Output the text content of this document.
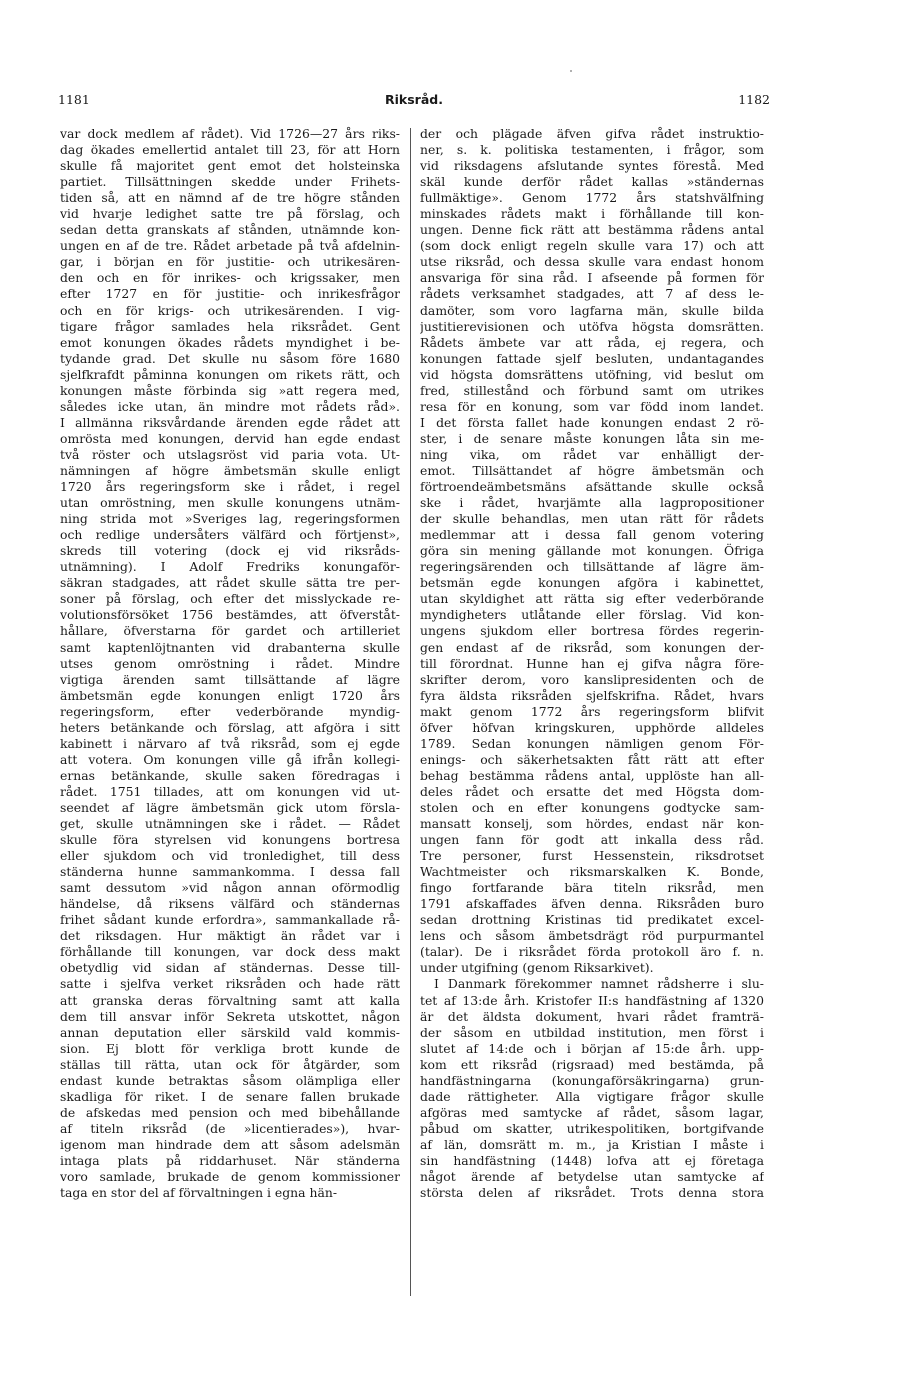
1181	Riksråd.	1182
var dock medlem af rådet). Vid 1726—27 års riks-
dag ökades emellertid antalet till 23, för att Horn
skulle få majoritet gent emot det holsteinska
partiet. Tillsättningen skedde under Frihets-
tiden så, att en nämnd af de tre högre stånden
vid hvarje ledighet satte tre på förslag, och
sedan detta granskats af stånden, utnämnde kon-
ungen en af de tre. Rådet arbetade på två afdelnin-
gar, i början en för justitie- och utrikesären-
den och en för inrikes- och krigssaker, men
efter 1727 en för justitie- och inrikesfrågor
och en för krigs- och utrikesärenden. I vig-
tigare frågor samlades hela riksrådet. Gent
emot konungen ökades rådets myndighet i be-
tydande grad. Det skulle nu såsom före 1680
sjelfkrafdt påminna konungen om rikets rätt, och
konungen måste förbinda sig »att regera med,
således icke utan, än mindre mot rådets råd».
I allmänna riksvårdande ärenden egde rådet att
omrösta med konungen, dervid han egde endast
två röster och utslagsröst vid paria vota. Ut-
nämningen af högre ämbetsmän skulle enligt
1720 års regeringsform ske i rådet, i regel
utan omröstning, men skulle konungens utnäm-
ning strida mot »Sveriges lag, regeringsformen
och redlige undersåters välfärd och förtjenst»,
skreds till votering (dock ej vid riksråds-
utnämning). I Adolf Fredriks konungaför-
säkran stadgades, att rådet skulle sätta tre per-
soner på förslag, och efter det misslyckade re-
volutionsförsöket 1756 bestämdes, att öfverståt-
hållare, öfverstarna för gardet och artilleriet
samt kaptenlöjtnanten vid drabanterna skulle
utses genom omröstning i rådet. Mindre
vigtiga ärenden samt tillsättande af lägre
ämbetsmän egde konungen enligt 1720 års
regeringsform, efter vederbörande myndig-
heters betänkande och förslag, att afgöra i sitt
kabinett i närvaro af två riksråd, som ej egde
att votera. Om konungen ville gå ifrån kollegi-
ernas betänkande, skulle saken föredragas i
rådet. 1751 tillades, att om konungen vid ut-
seendet af lägre ämbetsmän gick utom försla-
get, skulle utnämningen ske i rådet. — Rådet
skulle föra styrelsen vid konungens bortresa
eller sjukdom och vid tronledighet, till dess
ständerna hunne sammankomma. I dessa fall
samt dessutom »vid någon annan oförmodlig
händelse, då riksens välfärd och ständernas
frihet sådant kunde erfordra», sammankallade rå-
det riksdagen. Hur mäktigt än rådet var i
förhållande till konungen, var dock dess makt
obetydlig vid sidan af ständernas. Desse till-
satte i sjelfva verket riksråden och hade rätt
att granska deras förvaltning samt att kalla
dem till ansvar inför Sekreta utskottet, någon
annan deputation eller särskild vald kommis-
sion. Ej blott för verkliga brott kunde de
ställas till rätta, utan ock för åtgärder, som
endast kunde betraktas såsom olämpliga eller
skadliga för riket. I de senare fallen brukade
de afskedas med pension och med bibehållande
af titeln riksråd (de »licentierades»), hvar-
igenom man hindrade dem att såsom adelsmän
intaga plats på riddarhuset. När ständerna
voro samlade, brukade de genom kommissioner
taga en stor del af förvaltningen i egna hän-
der och plägade äfven gifva rådet instruktio-
ner, s. k. politiska testamenten, i frågor, som
vid riksdagens afslutande syntes förestå. Med
skäl kunde derför rådet kallas »ständernas
fullmäktige». Genom 1772 års statshvälfning
minskades rådets makt i förhållande till kon-
ungen. Denne fick rätt att bestämma rådens antal
(som dock enligt regeln skulle vara 17) och att
utse riksråd, och dessa skulle vara endast honom
ansvariga för sina råd. I afseende på formen för
rådets verksamhet stadgades, att 7 af dess le-
damöter, som voro lagfarna män, skulle bilda
justitierevisionen och utöfva högsta domsrätten.
Rådets ämbete var att råda, ej regera, och
konungen fattade sjelf besluten, undantagandes
vid högsta domsrättens utöfning, vid beslut om
fred, stillestånd och förbund samt om utrikes
resa för en konung, som var född inom landet.
I det första fallet hade konungen endast 2 rö-
ster, i de senare måste konungen låta sin me-
ning vika, om rådet var enhälligt der-
emot. Tillsättandet af högre ämbetsmän och
förtroendeämbetsmäns afsättande skulle också
ske i rådet, hvarjämte alla lagpropositioner
der skulle behandlas, men utan rätt för rådets
medlemmar att i dessa fall genom votering
göra sin mening gällande mot konungen. Öfriga
regeringsärenden och tillsättande af lägre äm-
betsmän egde konungen afgöra i kabinettet,
utan skyldighet att rätta sig efter vederbörande
myndigheters utlåtande eller förslag. Vid kon-
ungens sjukdom eller bortresa fördes regerin-
gen endast af de riksråd, som konungen der-
till förordnat. Hunne han ej gifva några före-
skrifter derom, voro kanslipresidenten och de
fyra äldsta riksråden sjelfskrifna. Rådet, hvars
makt genom 1772 års regeringsform blifvit
öfver höfvan kringskuren, upphörde alldeles
1789. Sedan konungen nämligen genom För-
enings- och säkerhetsakten fått rätt att efter
behag bestämma rådens antal, upplöste han all-
deles rådet och ersatte det med Högsta dom-
stolen och en efter konungens godtycke sam-
mansatt konselj, som hördes, endast när kon-
ungen fann för godt att inkalla dess råd.
Tre personer, furst Hessenstein, riksdrotset
Wachtmeister och riksmarskalken K. Bonde,
fingo fortfarande bära titeln riksråd, men
1791 afskaffades äfven denna. Riksråden buro
sedan drottning Kristinas tid predikatet excel-
lens och såsom ämbetsdrägt röd purpurmantel
(talar). De i riksrådet förda protokoll äro f. n.
under utgifning (genom Riksarkivet).
I Danmark förekommer namnet rådsherre i slu-
tet af 13:de årh. Kristofer II:s handfästning af 1320
är det äldsta dokument, hvari rådet framträ-
der såsom en utbildad institution, men först i
slutet af 14:de och i början af 15:de årh. upp-
kom ett riksråd (rigsraad) med bestämda, på
handfästningarna (konungaförsäkringarna) grun-
dade rättigheter. Alla vigtigare frågor skulle
afgöras med samtycke af rådet, såsom lagar,
påbud om skatter, utrikespolitiken, bortgifvande
af län, domsrätt m. m., ja Kristian I måste i
sin handfästning (1448) lofva att ej företaga
något ärende af betydelse utan samtycke af
största delen af riksrådet. Trots denna stora
